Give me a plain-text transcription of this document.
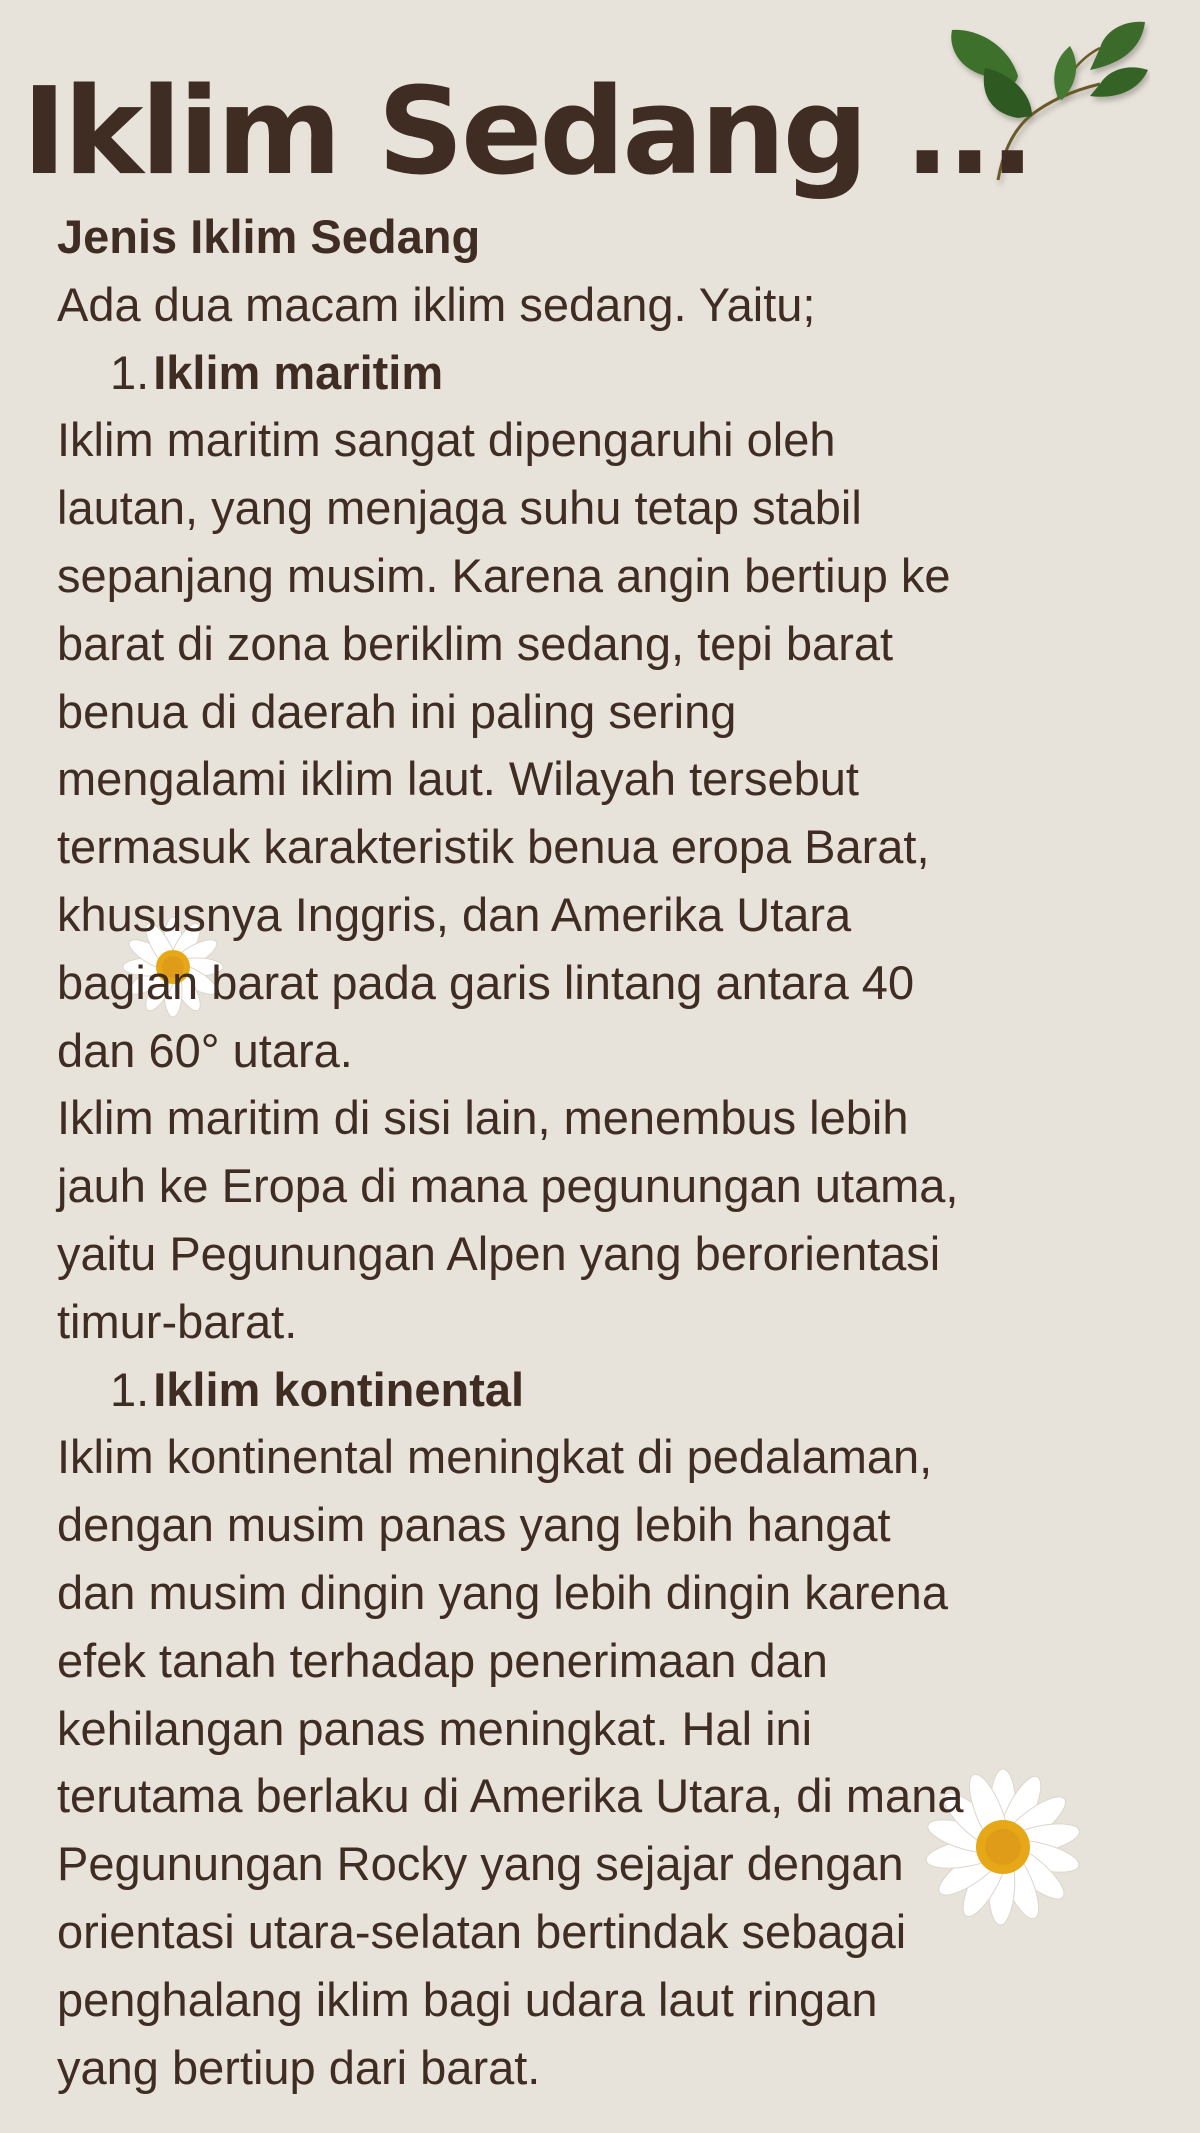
Iklim Sedang ...
Jenis Iklim Sedang
Ada dua macam iklim sedang. Yaitu;
1.Iklim maritim
Iklim maritim sangat dipengaruhi oleh
lautan, yang menjaga suhu tetap stabil
sepanjang musim. Karena angin bertiup ke
barat di zona beriklim sedang, tepi barat
benua di daerah ini paling sering
mengalami iklim laut. Wilayah tersebut
termasuk karakteristik benua eropa Barat,
khususnya Inggris, dan Amerika Utara
bagian barat pada garis lintang antara 40
dan 60° utara.
Iklim maritim di sisi lain, menembus lebih
jauh ke Eropa di mana pegunungan utama,
yaitu Pegunungan Alpen yang berorientasi
timur-barat.
1.Iklim kontinental
Iklim kontinental meningkat di pedalaman,
dengan musim panas yang lebih hangat
dan musim dingin yang lebih dingin karena
efek tanah terhadap penerimaan dan
kehilangan panas meningkat. Hal ini
terutama berlaku di Amerika Utara, di mana
Pegunungan Rocky yang sejajar dengan
orientasi utara-selatan bertindak sebagai
penghalang iklim bagi udara laut ringan
yang bertiup dari barat.
